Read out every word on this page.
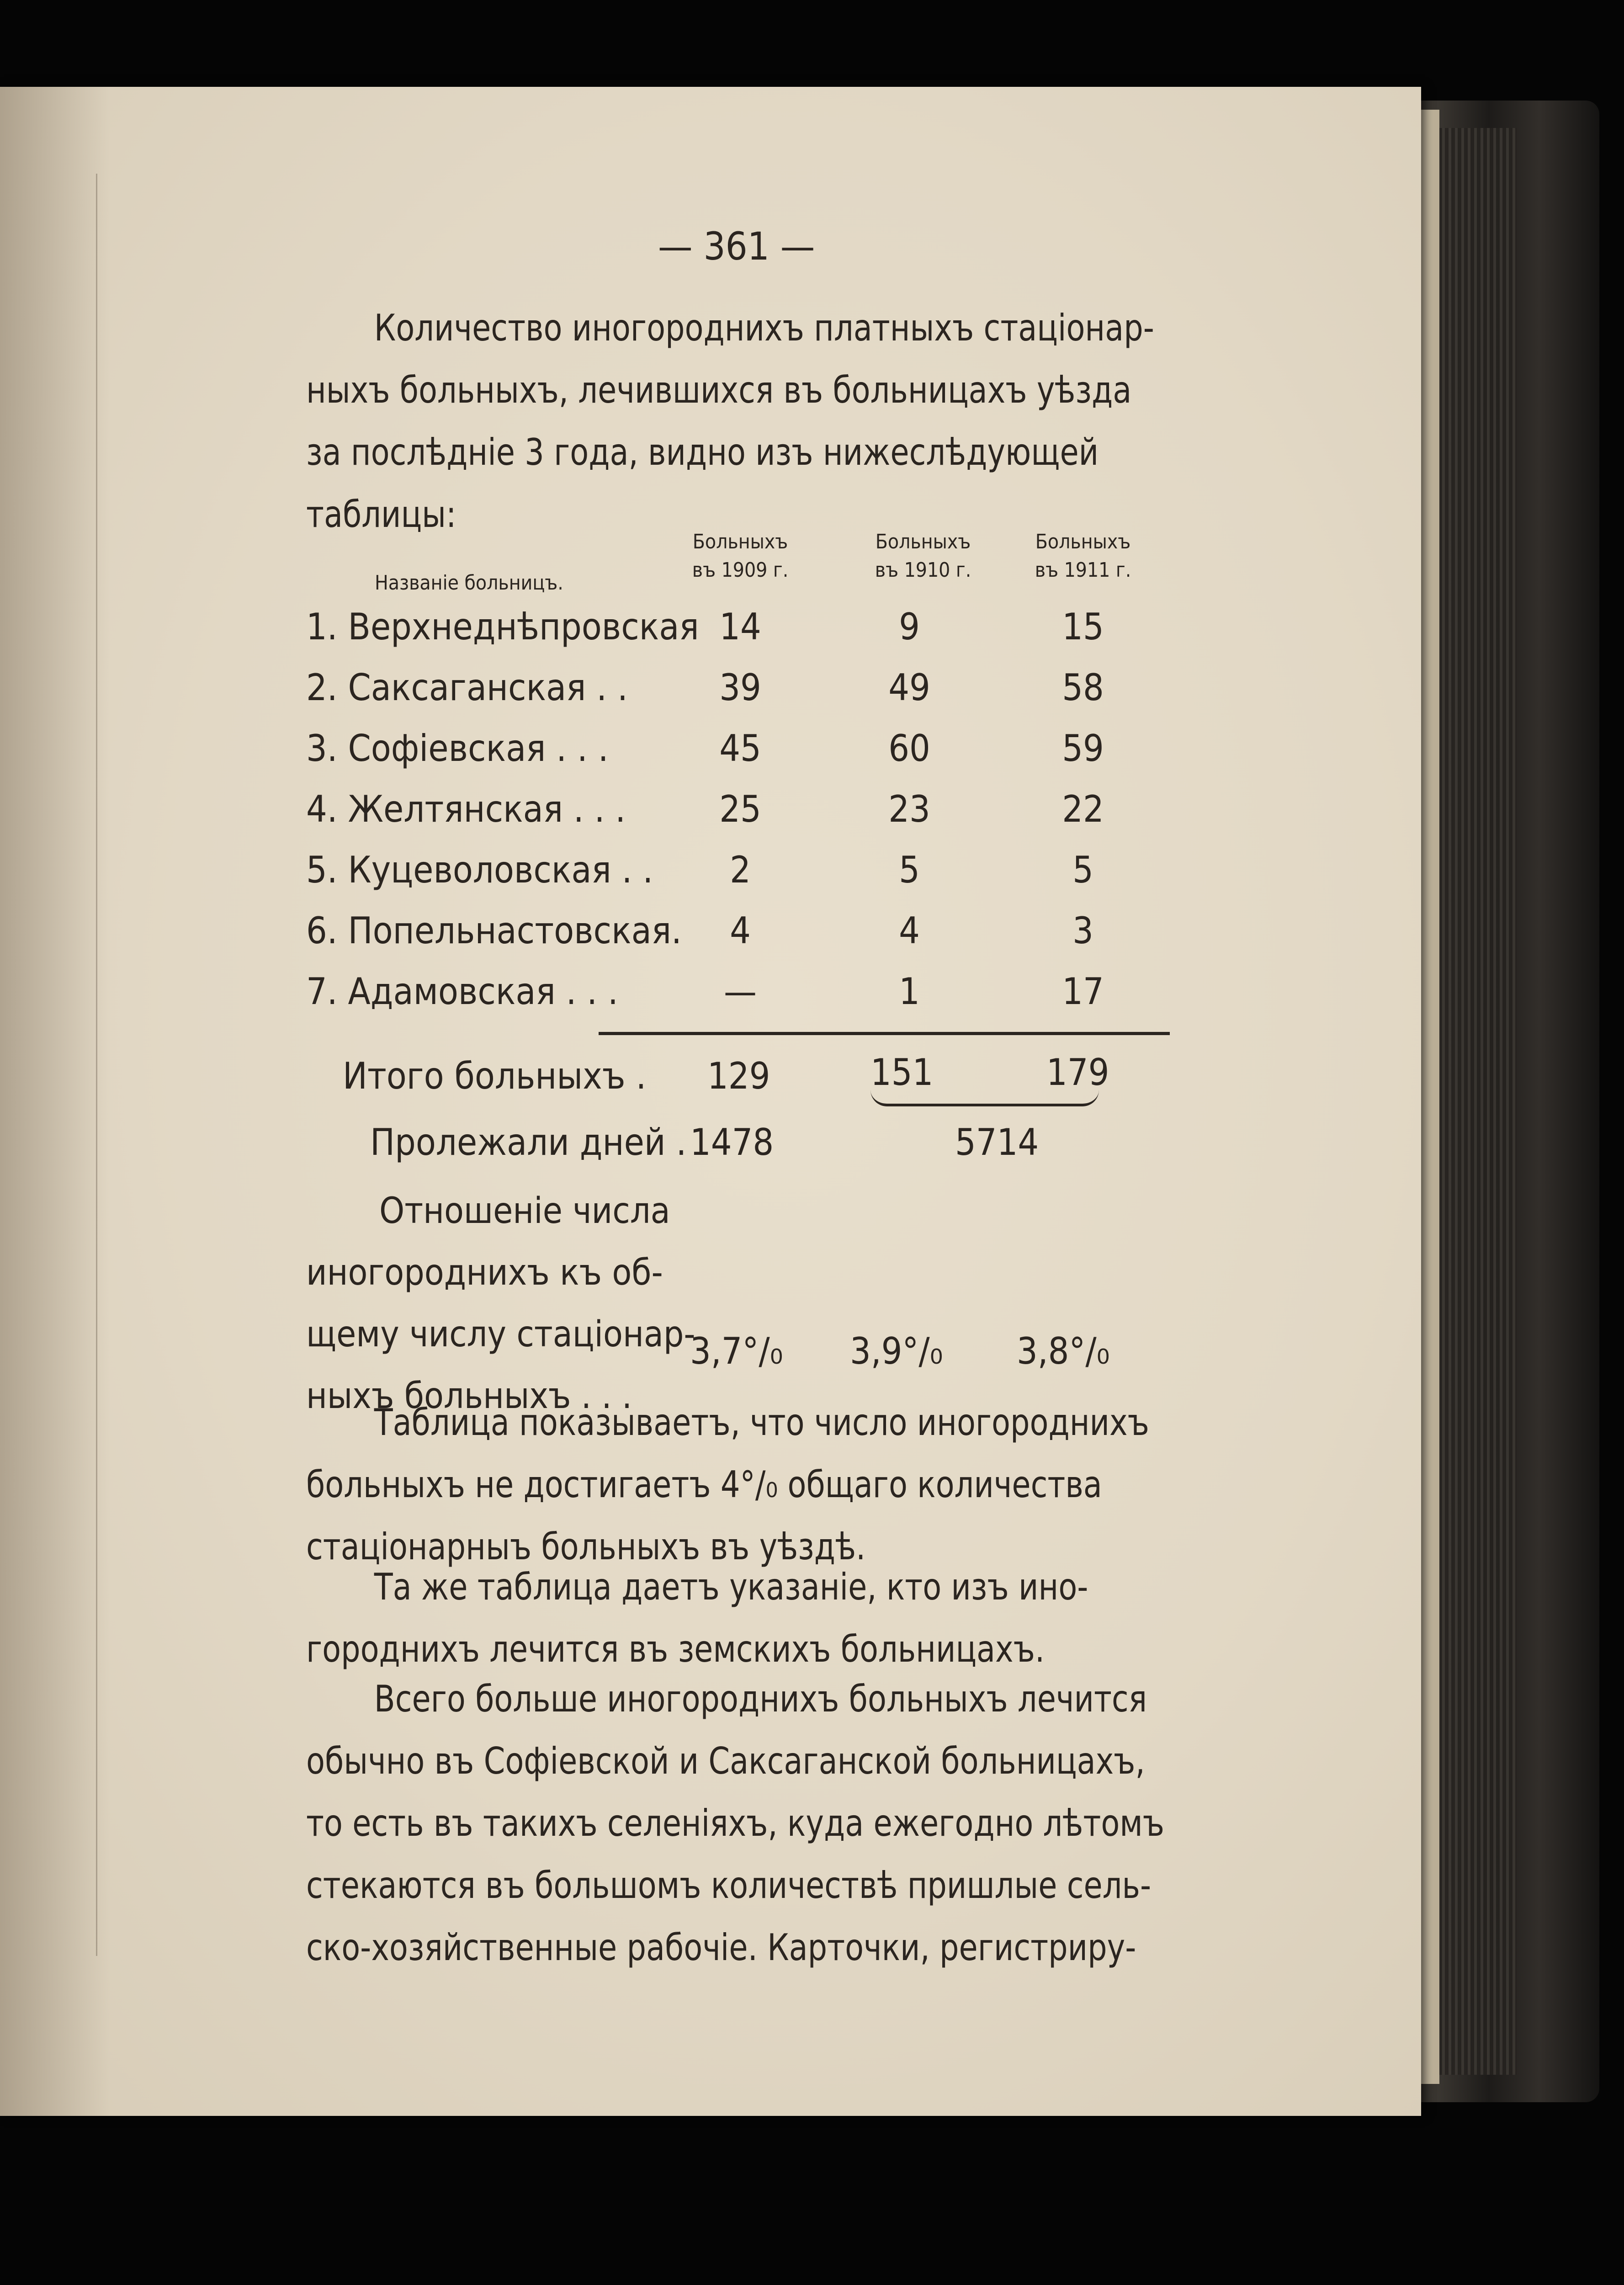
— 361 —
Количество иногороднихъ платныхъ стаціонар-
ныхъ больныхъ, лечившихся въ больницахъ уѣзда
за послѣдніе 3 года, видно изъ нижеслѣдующей
таблицы:
Названіе больницъ.
Больныхъ
въ 1909 г.
Больныхъ
въ 1910 г.
Больныхъ
въ 1911 г.
1. Верхнеднѣпровская 14	9	15
2. Саксаганская . .	39	49	58
3. Софіевская . . .	45	60	59
4. Желтянская . . .	25	23	22
5. Куцеволовская . .	2	5	5
6. Попельнастовская.	4	4	3
7. Адамовская . . .	—	1	17
Итого больныхъ . 129	151	179
Пролежали дней . 1478	5714
Отношеніе числа
иногороднихъ къ об-
щему числу стаціонар-
ныхъ больныхъ . . .
3,7°/₀ 3,9°/₀ 3,8°/₀
Таблица показываетъ, что число иногороднихъ
больныхъ не достигаетъ 4°/₀ общаго количества
стаціонарныъ больныхъ въ уѣздѣ.
Та же таблица даетъ указаніе, кто изъ ино-
городнихъ лечится въ земскихъ больницахъ.
Всего больше иногороднихъ больныхъ лечится
обычно въ Софіевской и Саксаганской больницахъ,
то есть въ такихъ селеніяхъ, куда ежегодно лѣтомъ
стекаются въ большомъ количествѣ пришлые сель-
ско-хозяйственные рабочіе. Карточки, регистриру-
